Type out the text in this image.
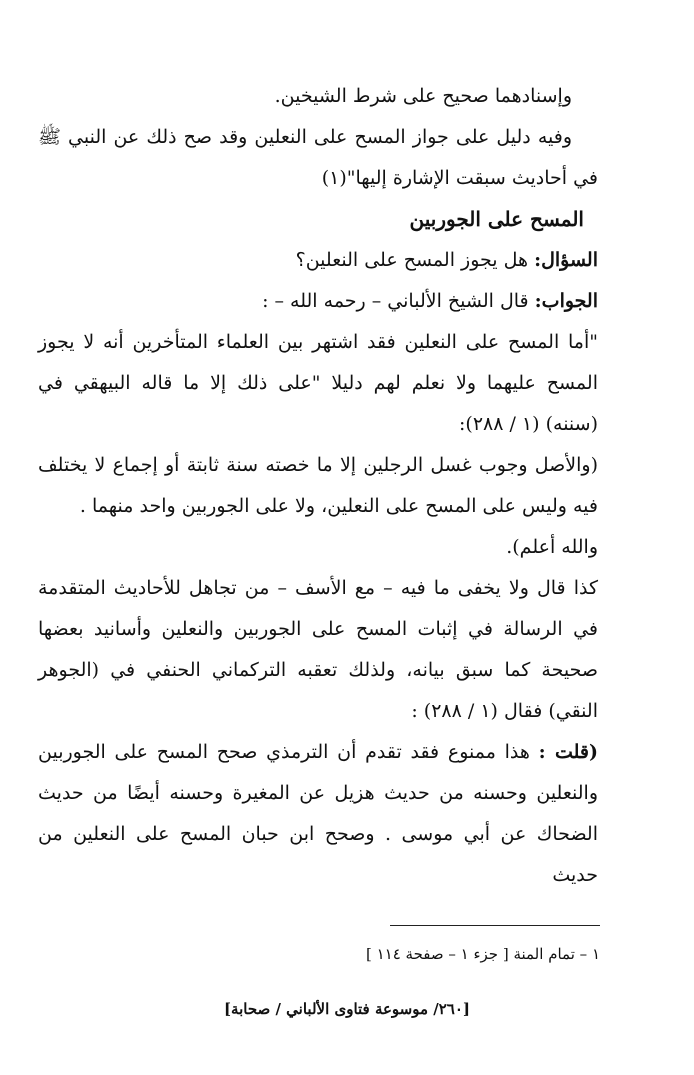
وإسنادهما صحيح على شرط الشيخين.

وفيه دليل على جواز المسح على النعلين وقد صح ذلك عن النبي ﷺ في أحاديث سبقت الإشارة إليها"(١)

المسح على الجوربين

السؤال: هل يجوز المسح على النعلين؟

الجواب: قال الشيخ الألباني – رحمه الله – :

"أما المسح على النعلين فقد اشتهر بين العلماء المتأخرين أنه لا يجوز المسح عليهما ولا نعلم لهم دليلا "على ذلك إلا ما قاله البيهقي في (سننه) (١ / ٢٨٨):

(والأصل وجوب غسل الرجلين إلا ما خصته سنة ثابتة أو إجماع لا يختلف فيه وليس على المسح على النعلين، ولا على الجوربين واحد منهما .

والله أعلم).

كذا قال ولا يخفى ما فيه – مع الأسف – من تجاهل للأحاديث المتقدمة في الرسالة في إثبات المسح على الجوربين والنعلين وأسانيد بعضها صحيحة كما سبق بيانه، ولذلك تعقبه التركماني الحنفي في (الجوهر النقي) فقال (١ / ٢٨٨) :

(قلت : هذا ممنوع فقد تقدم أن الترمذي صحح المسح على الجوربين والنعلين وحسنه من حديث هزيل عن المغيرة وحسنه أيضًا من حديث الضحاك عن أبي موسى . وصحح ابن حبان المسح على النعلين من حديث

١ – تمام المنة [ جزء ١ – صفحة ١١٤ ]
[٢٦٠/ موسوعة فتاوى الألباني / صحابة]
